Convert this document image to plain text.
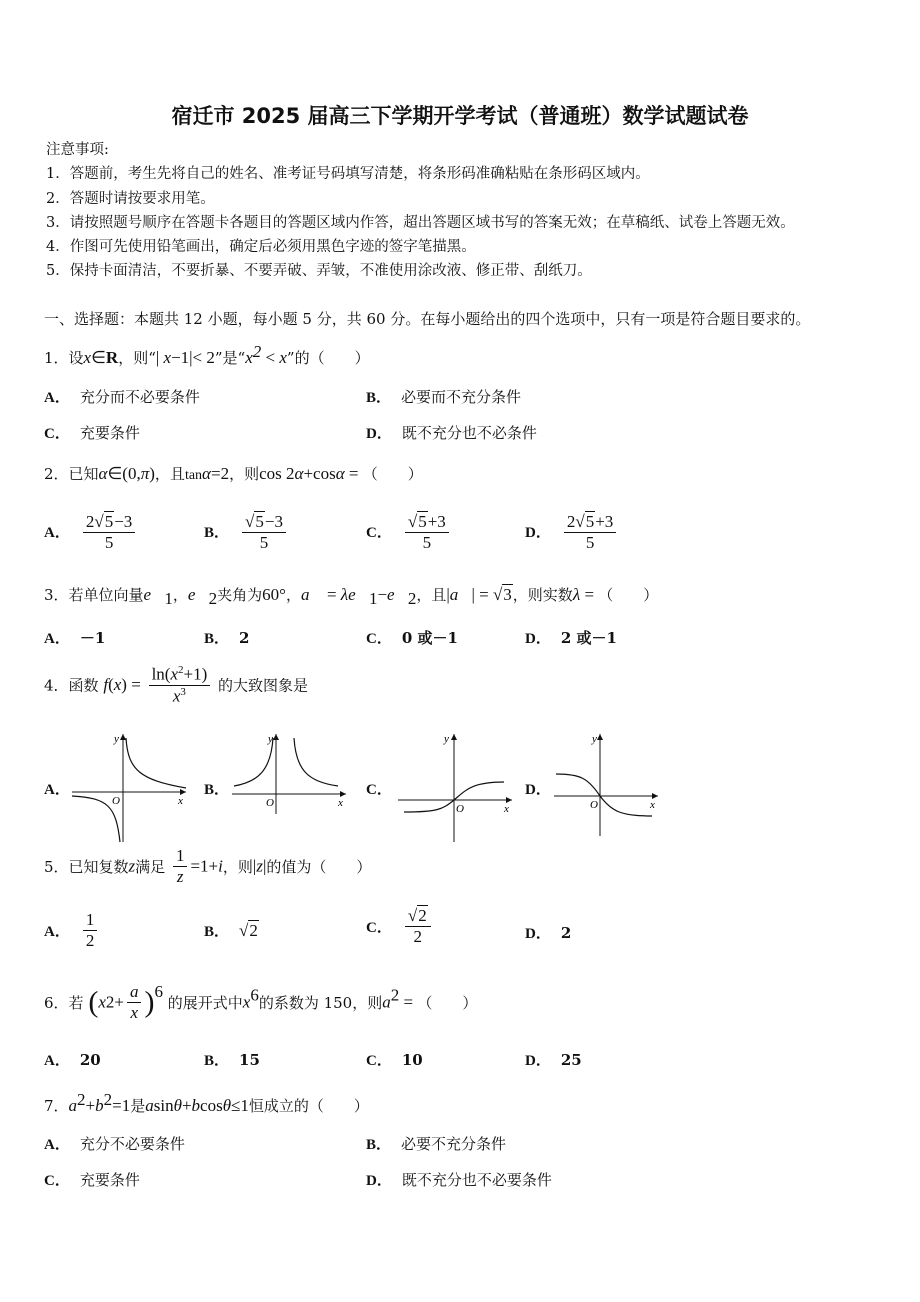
宿迁市 2025 届高三下学期开学考试（普通班）数学试题试卷
注意事项:
1．答题前，考生先将自己的姓名、准考证号码填写清楚，将条形码准确粘贴在条形码区域内。
2．答题时请按要求用笔。
3．请按照题号顺序在答题卡各题目的答题区域内作答，超出答题区域书写的答案无效；在草稿纸、试卷上答题无效。
4．作图可先使用铅笔画出，确定后必须用黑色字迹的签字笔描黑。
5．保持卡面清洁，不要折暴、不要弄破、弄皱，不准使用涂改液、修正带、刮纸刀。
一、选择题：本题共 12 小题，每小题 5 分，共 60 分。在每小题给出的四个选项中，只有一项是符合题目要求的。
1．设x∈R，则“| x−1|< 2”是“$x^2 < x$”的（　　）
A． 充分而不必要条件	B． 必要而不充分条件
C． 充要条件	D． 既不充分也不必条件
2．已知α∈(0,π)，且tanα=2，则cos 2α+cosα = （　　）
A． $\frac{2√5-3}{5}$	B． $\frac{√5-3}{5}$	C． $\frac{√5+3}{5}$	D． $\frac{2√5+3}{5}$
3．若单位向量$e⃗_1$，$e⃗_2$夹角为60°，a⃗ = $\lambda e⃗_1-e⃗_2$，且|a⃗| = √3，则实数λ = （　　）
A． －1	B． 2	C． 0 或－1	D． 2 或－1
4．函数 $f(x) = \frac{\ln(x^2+1)}{x^3}$ 的大致图象是
A．	B．	C．	D．
y
x
O
y
x
O
y
x
O
y
x
O
5．已知复数z满足 $\frac{1}{z} =1+i$，则|z|的值为（　　）
A． $\frac{1}{2}$	B． √2	C． $\frac{√2}{2}$	D． 2
6．若 $(x2+ \frac{a}{x} )^6$ 的展开式中$x^6$的系数为 150，则$a^2$ = （　　）
A． 20	B． 15	C． 10	D． 25
7．$a^2+b^2=1$是asinθ+bcosθ≤1恒成立的（　　）
A． 充分不必要条件	B． 必要不充分条件
C． 充要条件	D． 既不充分也不必要条件
